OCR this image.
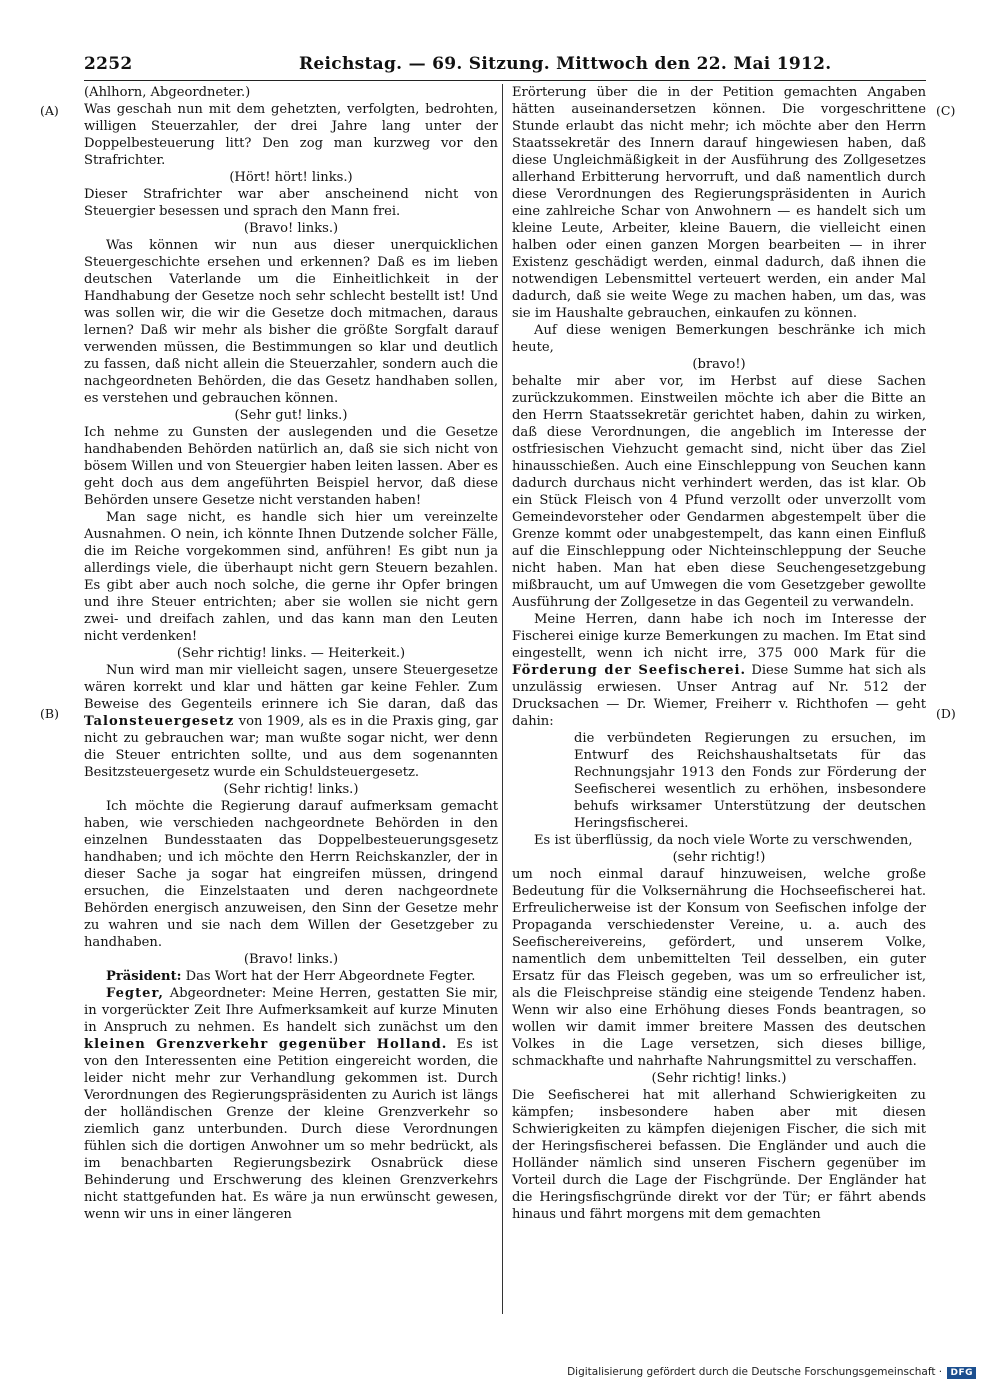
2252	Reichstag. — 69. Sitzung. Mittwoch den 22. Mai 1912.
(A)
(B)
(C)
(D)

(Ahlhorn, Abgeordneter.)

Was geschah nun mit dem gehetzten, verfolgten, bedrohten, willigen Steuerzahler, der drei Jahre lang unter der Doppelbesteuerung litt? Den zog man kurzweg vor den Strafrichter.

(Hört! hört! links.)

Dieser Strafrichter war aber anscheinend nicht von Steuergier besessen und sprach den Mann frei.

(Bravo! links.)

Was können wir nun aus dieser unerquicklichen Steuergeschichte ersehen und erkennen? Daß es im lieben deutschen Vaterlande um die Einheitlichkeit in der Handhabung der Gesetze noch sehr schlecht bestellt ist! Und was sollen wir, die wir die Gesetze doch mitmachen, daraus lernen? Daß wir mehr als bisher die größte Sorgfalt darauf verwenden müssen, die Bestimmungen so klar und deutlich zu fassen, daß nicht allein die Steuerzahler, sondern auch die nachgeordneten Behörden, die das Gesetz handhaben sollen, es verstehen und gebrauchen können.

(Sehr gut! links.)

Ich nehme zu Gunsten der auslegenden und die Gesetze handhabenden Behörden natürlich an, daß sie sich nicht von bösem Willen und von Steuergier haben leiten lassen. Aber es geht doch aus dem angeführten Beispiel hervor, daß diese Behörden unsere Gesetze nicht verstanden haben!

Man sage nicht, es handle sich hier um vereinzelte Ausnahmen. O nein, ich könnte Ihnen Dutzende solcher Fälle, die im Reiche vorgekommen sind, anführen! Es gibt nun ja allerdings viele, die überhaupt nicht gern Steuern bezahlen. Es gibt aber auch noch solche, die gerne ihr Opfer bringen und ihre Steuer entrichten; aber sie wollen sie nicht gern zwei- und dreifach zahlen, und das kann man den Leuten nicht verdenken!

(Sehr richtig! links. — Heiterkeit.)

Nun wird man mir vielleicht sagen, unsere Steuergesetze wären korrekt und klar und hätten gar keine Fehler. Zum Beweise des Gegenteils erinnere ich Sie daran, daß das Talonsteuergesetz von 1909, als es in die Praxis ging, gar nicht zu gebrauchen war; man wußte sogar nicht, wer denn die Steuer entrichten sollte, und aus dem sogenannten Besitzsteuergesetz wurde ein Schuldsteuergesetz.

(Sehr richtig! links.)

Ich möchte die Regierung darauf aufmerksam gemacht haben, wie verschieden nachgeordnete Behörden in den einzelnen Bundesstaaten das Doppelbesteuerungsgesetz handhaben; und ich möchte den Herrn Reichskanzler, der in dieser Sache ja sogar hat eingreifen müssen, dringend ersuchen, die Einzelstaaten und deren nachgeordnete Behörden energisch anzuweisen, den Sinn der Gesetze mehr zu wahren und sie nach dem Willen der Gesetzgeber zu handhaben.

(Bravo! links.)

Präsident: Das Wort hat der Herr Abgeordnete Fegter.

Fegter, Abgeordneter: Meine Herren, gestatten Sie mir, in vorgerückter Zeit Ihre Aufmerksamkeit auf kurze Minuten in Anspruch zu nehmen. Es handelt sich zunächst um den kleinen Grenzverkehr gegenüber Holland. Es ist von den Interessenten eine Petition eingereicht worden, die leider nicht mehr zur Verhandlung gekommen ist. Durch Verordnungen des Regierungspräsidenten zu Aurich ist längs der holländischen Grenze der kleine Grenzverkehr so ziemlich ganz unterbunden. Durch diese Verordnungen fühlen sich die dortigen Anwohner um so mehr bedrückt, als im benachbarten Regierungsbezirk Osnabrück diese Behinderung und Erschwerung des kleinen Grenzverkehrs nicht stattgefunden hat. Es wäre ja nun erwünscht gewesen, wenn wir uns in einer längeren

Erörterung über die in der Petition gemachten Angaben hätten auseinandersetzen können. Die vorgeschrittene Stunde erlaubt das nicht mehr; ich möchte aber den Herrn Staatssekretär des Innern darauf hingewiesen haben, daß diese Ungleichmäßigkeit in der Ausführung des Zollgesetzes allerhand Erbitterung hervorruft, und daß namentlich durch diese Verordnungen des Regierungspräsidenten in Aurich eine zahlreiche Schar von Anwohnern — es handelt sich um kleine Leute, Arbeiter, kleine Bauern, die vielleicht einen halben oder einen ganzen Morgen bearbeiten — in ihrer Existenz geschädigt werden, einmal dadurch, daß ihnen die notwendigen Lebensmittel verteuert werden, ein ander Mal dadurch, daß sie weite Wege zu machen haben, um das, was sie im Haushalte gebrauchen, einkaufen zu können.

Auf diese wenigen Bemerkungen beschränke ich mich heute,

(bravo!)

behalte mir aber vor, im Herbst auf diese Sachen zurückzukommen. Einstweilen möchte ich aber die Bitte an den Herrn Staatssekretär gerichtet haben, dahin zu wirken, daß diese Verordnungen, die angeblich im Interesse der ostfriesischen Viehzucht gemacht sind, nicht über das Ziel hinausschießen. Auch eine Einschleppung von Seuchen kann dadurch durchaus nicht verhindert werden, das ist klar. Ob ein Stück Fleisch von 4 Pfund verzollt oder unverzollt vom Gemeindevorsteher oder Gendarmen abgestempelt über die Grenze kommt oder unabgestempelt, das kann einen Einfluß auf die Einschleppung oder Nichteinschleppung der Seuche nicht haben. Man hat eben diese Seuchengesetzgebung mißbraucht, um auf Umwegen die vom Gesetzgeber gewollte Ausführung der Zollgesetze in das Gegenteil zu verwandeln.

Meine Herren, dann habe ich noch im Interesse der Fischerei einige kurze Bemerkungen zu machen. Im Etat sind eingestellt, wenn ich nicht irre, 375 000 Mark für die Förderung der Seefischerei. Diese Summe hat sich als unzulässig erwiesen. Unser Antrag auf Nr. 512 der Drucksachen — Dr. Wiemer, Freiherr v. Richthofen — geht dahin:

die verbündeten Regierungen zu ersuchen, im Entwurf des Reichshaushaltsetats für das Rechnungsjahr 1913 den Fonds zur Förderung der Seefischerei wesentlich zu erhöhen, insbesondere behufs wirksamer Unterstützung der deutschen Heringsfischerei.

Es ist überflüssig, da noch viele Worte zu verschwenden,

(sehr richtig!)

um noch einmal darauf hinzuweisen, welche große Bedeutung für die Volksernährung die Hochseefischerei hat. Erfreulicherweise ist der Konsum von Seefischen infolge der Propaganda verschiedenster Vereine, u. a. auch des Seefischereivereins, gefördert, und unserem Volke, namentlich dem unbemittelten Teil desselben, ein guter Ersatz für das Fleisch gegeben, was um so erfreulicher ist, als die Fleischpreise ständig eine steigende Tendenz haben. Wenn wir also eine Erhöhung dieses Fonds beantragen, so wollen wir damit immer breitere Massen des deutschen Volkes in die Lage versetzen, sich dieses billige, schmackhafte und nahrhafte Nahrungsmittel zu verschaffen.

(Sehr richtig! links.)

Die Seefischerei hat mit allerhand Schwierigkeiten zu kämpfen; insbesondere haben aber mit diesen Schwierigkeiten zu kämpfen diejenigen Fischer, die sich mit der Heringsfischerei befassen. Die Engländer und auch die Holländer nämlich sind unseren Fischern gegenüber im Vorteil durch die Lage der Fischgründe. Der Engländer hat die Heringsfischgründe direkt vor der Tür; er fährt abends hinaus und fährt morgens mit dem gemachten

Digitalisierung gefördert durch die Deutsche Forschungsgemeinschaft · DFG
